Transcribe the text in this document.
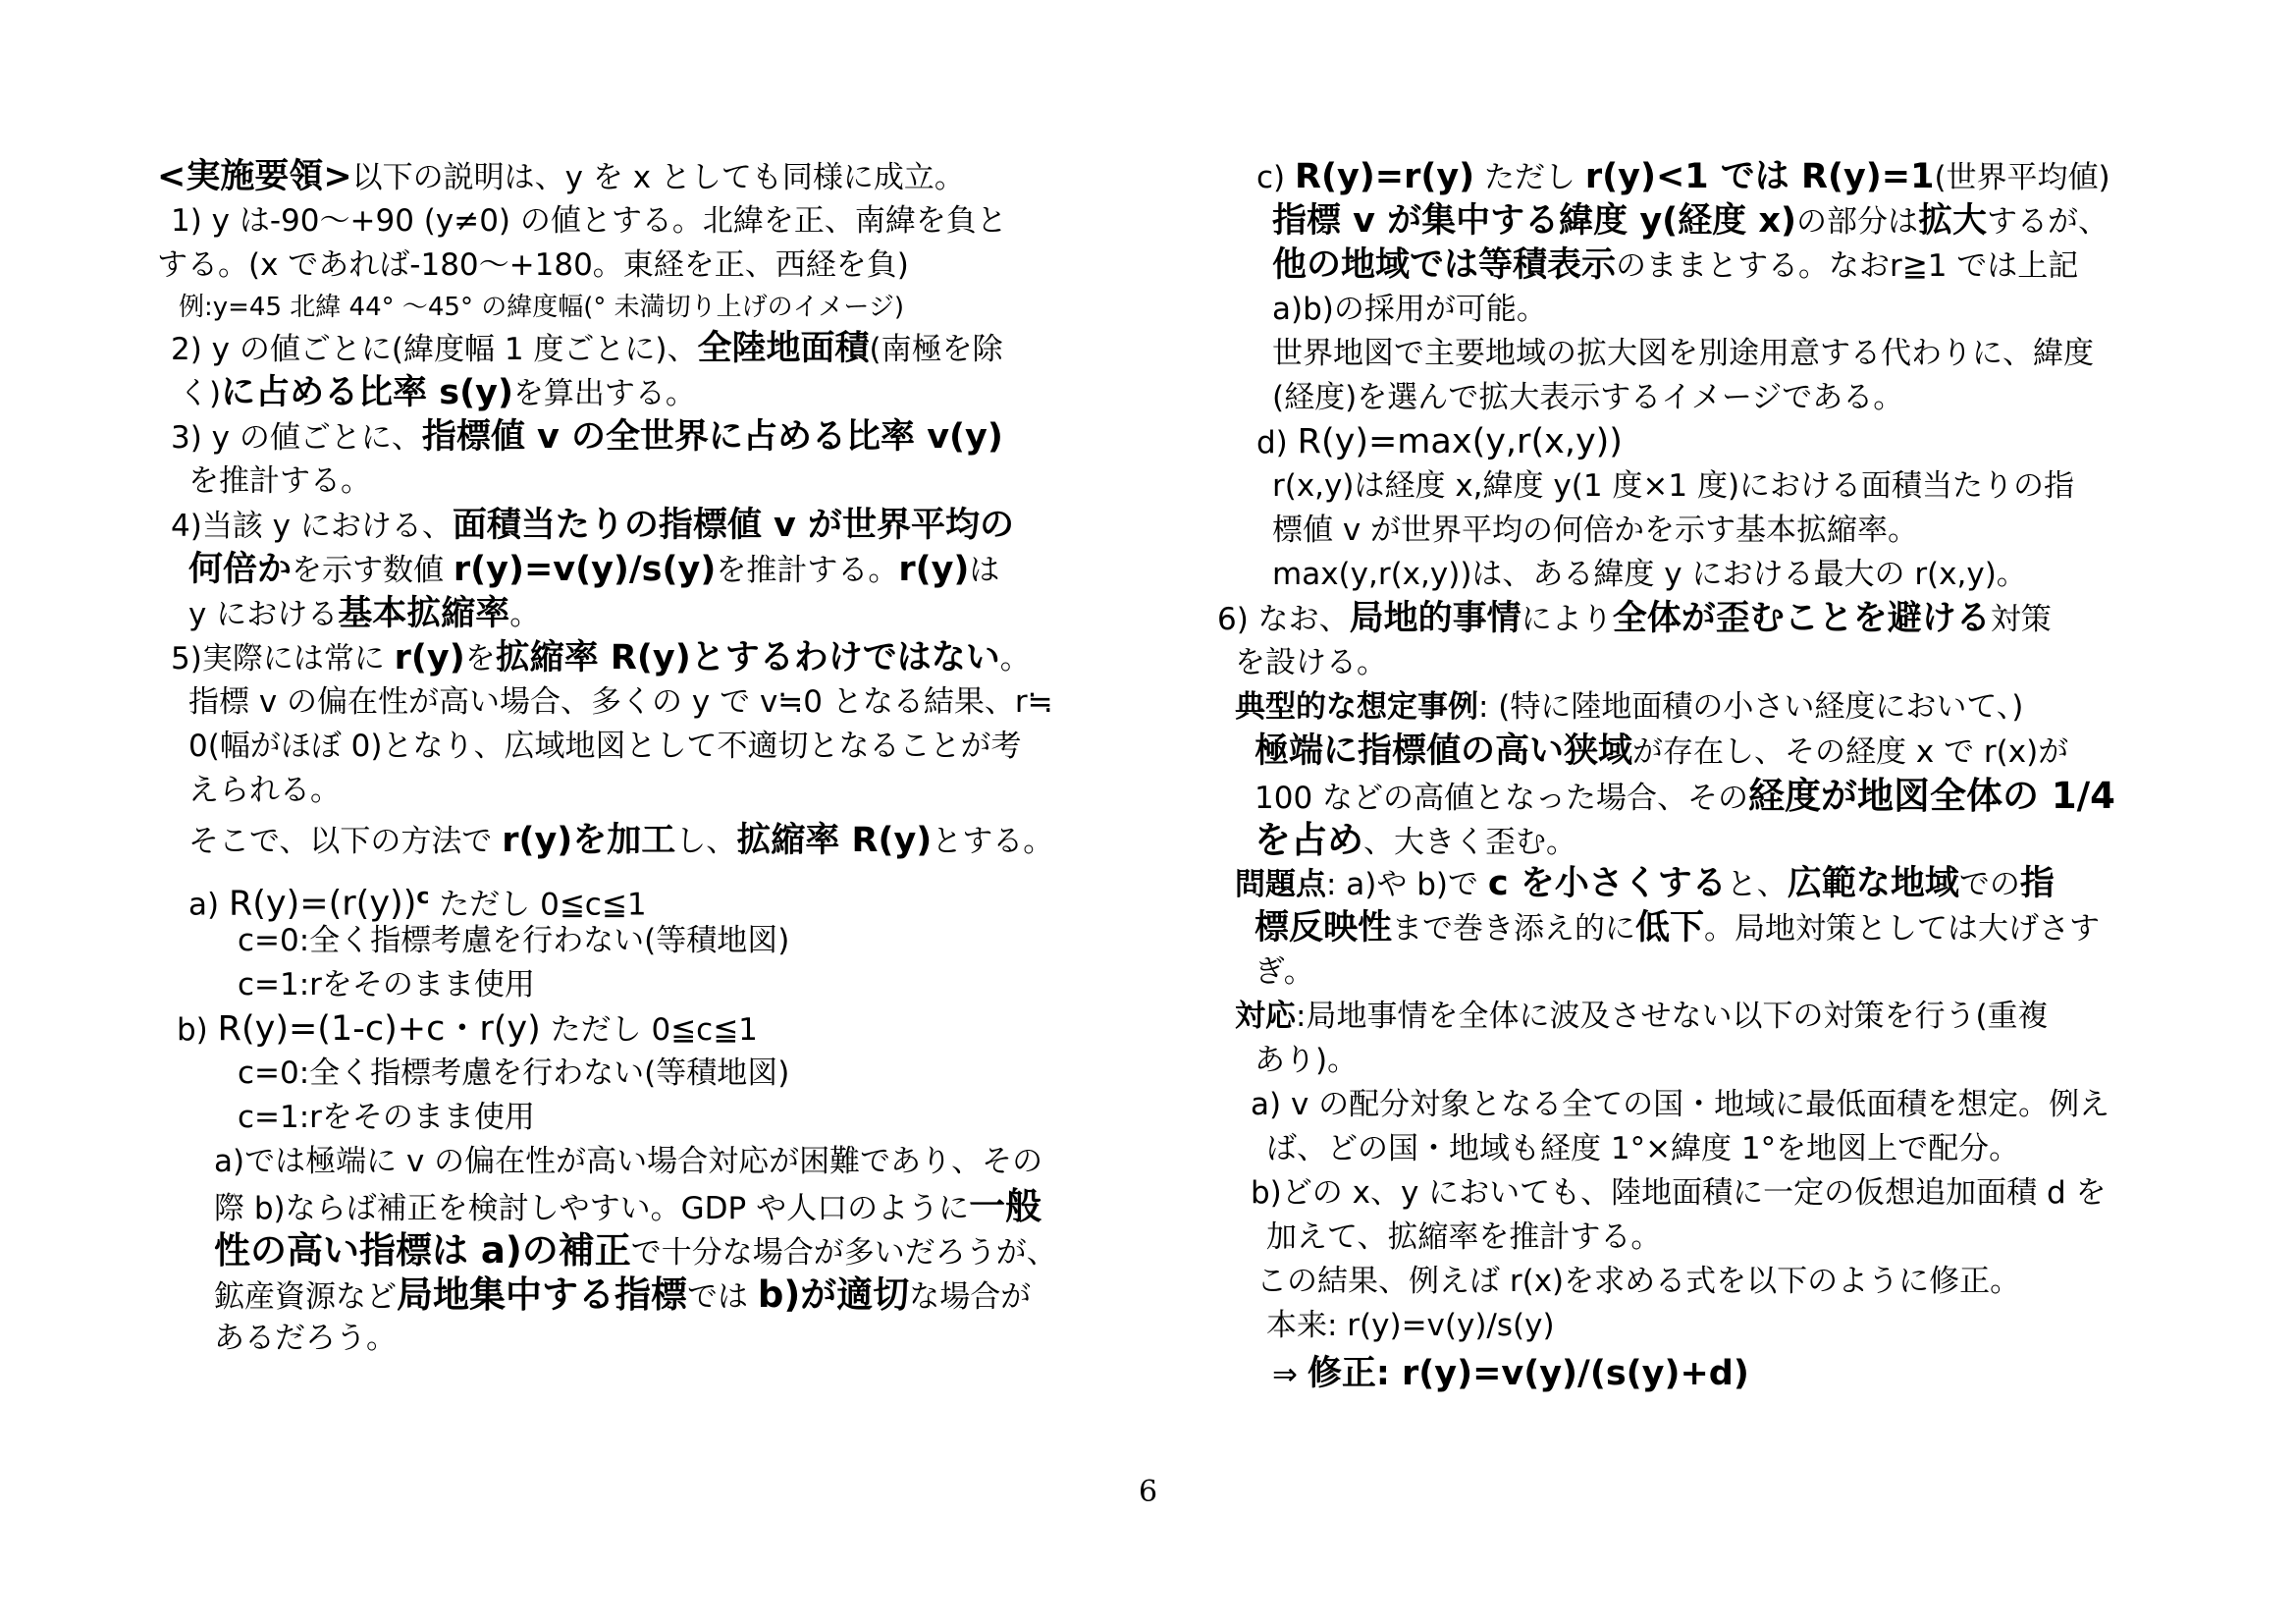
<実施要領>以下の説明は、y を x としても同様に成立。
1) y は-90〜+90 (y≠0) の値とする。北緯を正、南緯を負と
する。(x であれば-180〜+180。東経を正、西経を負)
例:y=45 北緯 44° 〜45° の緯度幅(° 未満切り上げのイメージ)
2) y の値ごとに(緯度幅 1 度ごとに)、全陸地面積(南極を除
く)に占める比率 s(y)を算出する。
3) y の値ごとに、指標値 v の全世界に占める比率 v(y)
を推計する。
4)当該 y における、面積当たりの指標値 v が世界平均の
何倍かを示す数値 r(y)=v(y)/s(y)を推計する。r(y)は
y における基本拡縮率。
5)実際には常に r(y)を拡縮率 R(y)とするわけではない。
指標 v の偏在性が高い場合、多くの y で v≒0 となる結果、r≒
0(幅がほぼ 0)となり、広域地図として不適切となることが考
えられる。
そこで、以下の方法で r(y)を加工し、拡縮率 R(y)とする。
a) $R(y)=(r(y))^c$ ただし 0≦c≦1
c=0:全く指標考慮を行わない(等積地図)
c=1:rをそのまま使用
b) R(y)=(1-c)+c・r(y) ただし 0≦c≦1
c=0:全く指標考慮を行わない(等積地図)
c=1:rをそのまま使用
a)では極端に v の偏在性が高い場合対応が困難であり、その
際 b)ならば補正を検討しやすい。GDP や人口のように一般
性の高い指標は a)の補正で十分な場合が多いだろうが、
鉱産資源など局地集中する指標では b)が適切な場合が
あるだろう。
c) R(y)=r(y) ただし r(y)<1 では R(y)=1(世界平均値)
指標 v が集中する緯度 y(経度 x)の部分は拡大するが、
他の地域では等積表示のままとする。なおr≧1 では上記
a)b)の採用が可能。
世界地図で主要地域の拡大図を別途用意する代わりに、緯度
(経度)を選んで拡大表示するイメージである。
d) R(y)=max(y,r(x,y))
r(x,y)は経度 x,緯度 y(1 度×1 度)における面積当たりの指
標値 v が世界平均の何倍かを示す基本拡縮率。
max(y,r(x,y))は、ある緯度 y における最大の r(x,y)。
6) なお、局地的事情により全体が歪むことを避ける対策
を設ける。
典型的な想定事例: (特に陸地面積の小さい経度において、)
極端に指標値の高い狭域が存在し、その経度 x で r(x)が
100 などの高値となった場合、その経度が地図全体の 1/4
を占め、大きく歪む。
問題点: a)や b)で c を小さくすると、広範な地域での指
標反映性まで巻き添え的に低下。局地対策としては大げさす
ぎ。
対応:局地事情を全体に波及させない以下の対策を行う(重複
あり)。
a) v の配分対象となる全ての国・地域に最低面積を想定。例え
ば、どの国・地域も経度 1°×緯度 1°を地図上で配分。
b)どの x、y においても、陸地面積に一定の仮想追加面積 d を
加えて、拡縮率を推計する。
この結果、例えば r(x)を求める式を以下のように修正。
本来: r(y)=v(y)/s(y)
⇒ 修正: r(y)=v(y)/(s(y)+d)
6
